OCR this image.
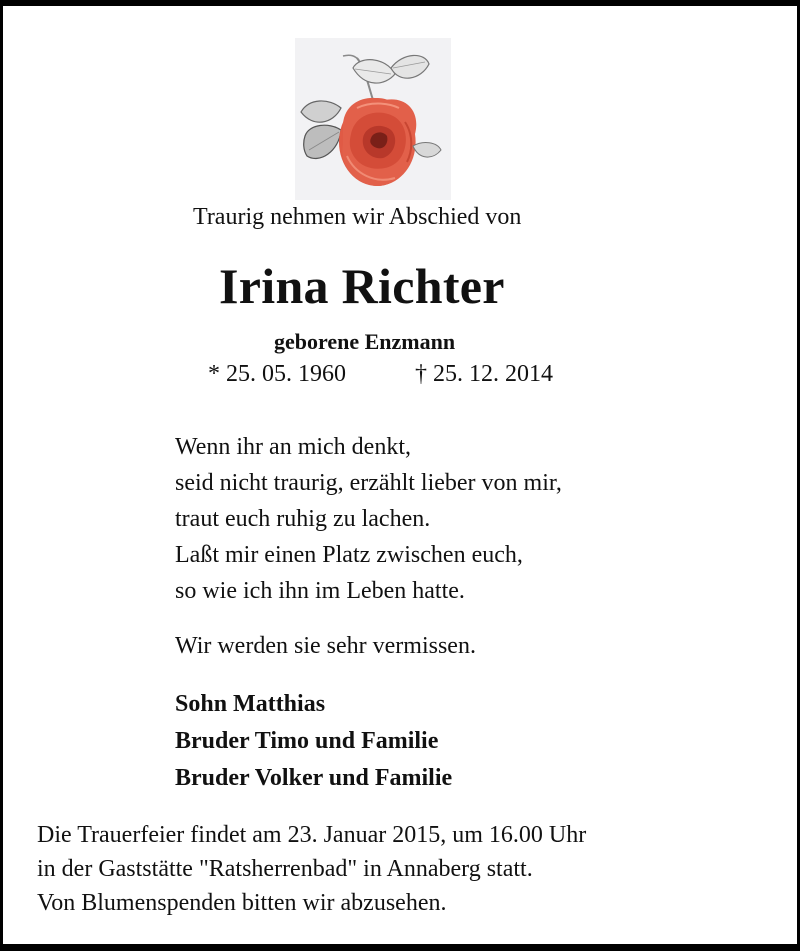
Traurig nehmen wir Abschied von
Irina Richter
geborene Enzmann
* 25. 05. 1960	† 25. 12. 2014
Wenn ihr an mich denkt,
seid nicht traurig, erzählt lieber von mir,
traut euch ruhig zu lachen.
Laßt mir einen Platz zwischen euch,
so wie ich ihn im Leben hatte.
Wir werden sie sehr vermissen.
Sohn Matthias
Bruder Timo und Familie
Bruder Volker und Familie
Die Trauerfeier findet am 23. Januar 2015, um 16.00 Uhr
in der Gaststätte "Ratsherrenbad" in Annaberg statt.
Von Blumenspenden bitten wir abzusehen.
